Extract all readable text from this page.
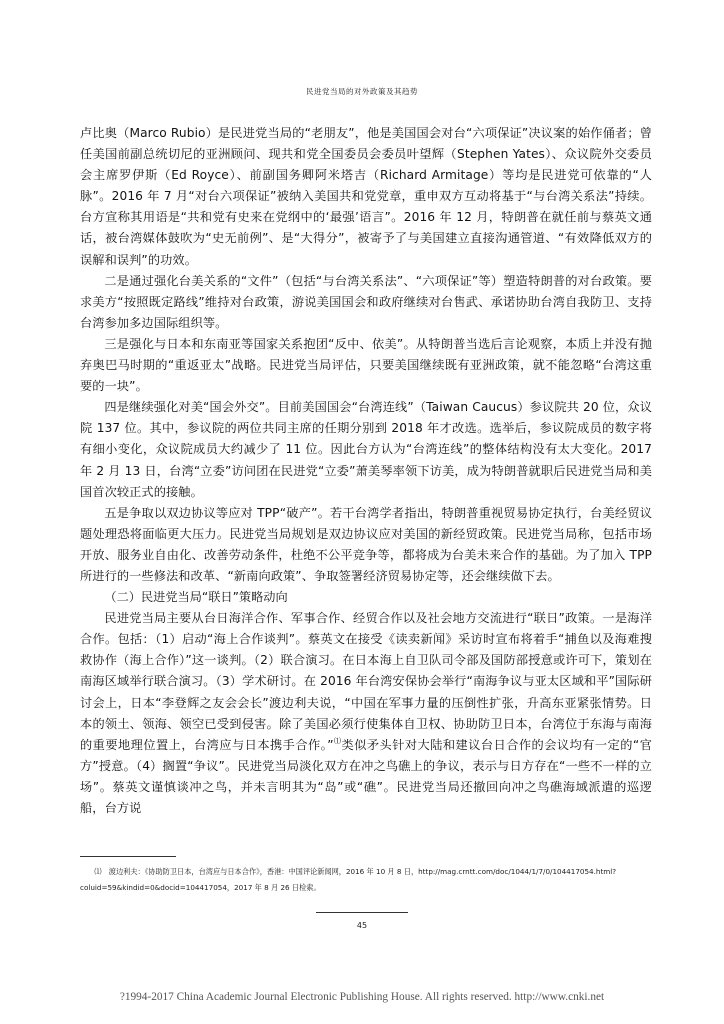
民进党当局的对外政策及其趋势

卢比奥（Marco Rubio）是民进党当局的“老朋友”，他是美国国会对台“六项保证”决议案的始作俑者；曾任美国前副总统切尼的亚洲顾问、现共和党全国委员会委员叶望辉（Stephen Yates）、众议院外交委员会主席罗伊斯（Ed Royce）、前副国务卿阿米塔吉（Richard Armitage）等均是民进党可依靠的“人脉”。2016 年 7 月“对台六项保证”被纳入美国共和党党章，重申双方互动将基于“与台湾关系法”持续。台方宣称其用语是“共和党有史来在党纲中的‘最强’语言”。2016 年 12 月，特朗普在就任前与蔡英文通话，被台湾媒体鼓吹为“史无前例”、是“大得分”，被寄予了与美国建立直接沟通管道、“有效降低双方的误解和误判”的功效。

二是通过强化台美关系的“文件”（包括“与台湾关系法”、“六项保证”等）塑造特朗普的对台政策。要求美方“按照既定路线”维持对台政策，游说美国国会和政府继续对台售武、承诺协助台湾自我防卫、支持台湾参加多边国际组织等。

三是强化与日本和东南亚等国家关系抱团“反中、依美”。从特朗普当选后言论观察，本质上并没有抛弃奥巴马时期的“重返亚太”战略。民进党当局评估，只要美国继续既有亚洲政策，就不能忽略“台湾这重要的一块”。

四是继续强化对美“国会外交”。目前美国国会“台湾连线”（Taiwan Caucus）参议院共 20 位，众议院 137 位。其中，参议院的两位共同主席的任期分别到 2018 年才改选。选举后，参议院成员的数字将有细小变化，众议院成员大约减少了 11 位。因此台方认为“台湾连线”的整体结构没有太大变化。2017 年 2 月 13 日，台湾“立委”访问团在民进党“立委”萧美琴率领下访美，成为特朗普就职后民进党当局和美国首次较正式的接触。

五是争取以双边协议等应对 TPP“破产”。若干台湾学者指出，特朗普重视贸易协定执行，台美经贸议题处理恐将面临更大压力。民进党当局规划是双边协议应对美国的新经贸政策。民进党当局称，包括市场开放、服务业自由化、改善劳动条件，杜绝不公平竞争等，都将成为台美未来合作的基础。为了加入 TPP 所进行的一些修法和改革、“新南向政策”、争取签署经济贸易协定等，还会继续做下去。

（二）民进党当局“联日”策略动向

民进党当局主要从台日海洋合作、军事合作、经贸合作以及社会地方交流进行“联日”政策。一是海洋合作。包括：（1）启动“海上合作谈判”。蔡英文在接受《读卖新闻》采访时宣布将着手“捕鱼以及海难搜救协作（海上合作）”这一谈判。（2）联合演习。在日本海上自卫队司令部及国防部授意或许可下，策划在南海区域举行联合演习。（3）学术研讨。在 2016 年台湾安保协会举行“南海争议与亚太区域和平”国际研讨会上，日本“李登辉之友会会长”渡边利夫说，“中国在军事力量的压倒性扩张，升高东亚紧张情势。日本的领土、领海、领空已受到侵害。除了美国必须行使集体自卫权、协助防卫日本，台湾位于东海与南海的重要地理位置上，台湾应与日本携手合作。”⑴类似矛头针对大陆和建议台日合作的会议均有一定的“官方”授意。（4）搁置“争议”。民进党当局淡化双方在冲之鸟礁上的争议，表示与日方存在“一些不一样的立场”。蔡英文谨慎谈冲之鸟，并未言明其为“岛”或“礁”。民进党当局还撤回向冲之鸟礁海域派遣的巡逻船，台方说

⑴　渡边利夫：《协助防卫日本，台湾应与日本合作》，香港：中国评论新闻网，2016 年 10 月 8 日，http://mag.crntt.com/doc/1044/1/7/0/104417054.html?coluid=59&kindid=0&docid=104417054，2017 年 8 月 26 日检索。

45
?1994-2017 China Academic Journal Electronic Publishing House. All rights reserved. http://www.cnki.net
